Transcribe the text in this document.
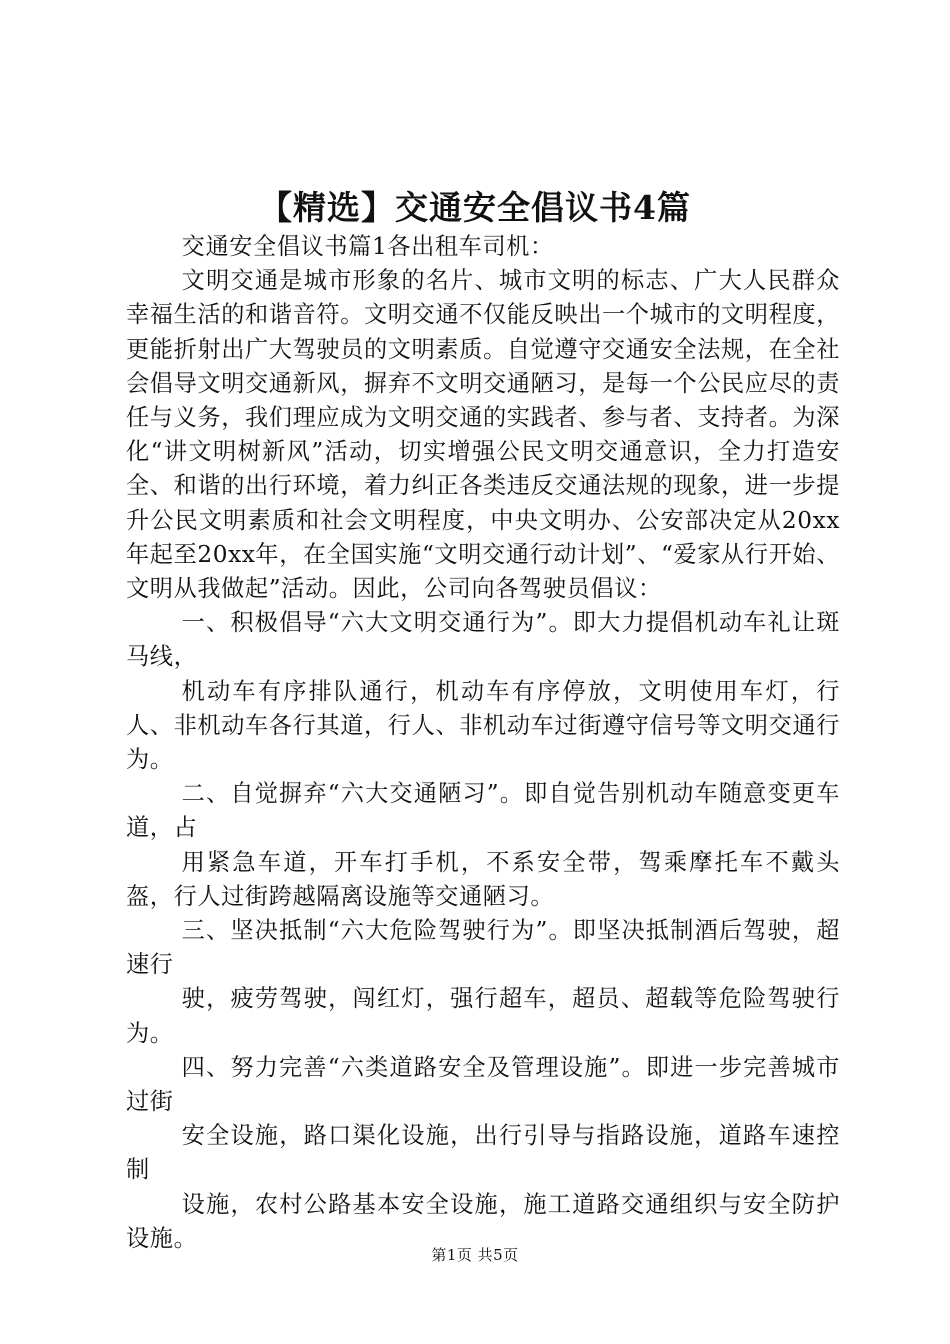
【精选】交通安全倡议书4篇

交通安全倡议书篇1各出租车司机：

文明交通是城市形象的名片、城市文明的标志、广大人民群众幸福生活的和谐音符。文明交通不仅能反映出一个城市的文明程度，更能折射出广大驾驶员的文明素质。自觉遵守交通安全法规，在全社会倡导文明交通新风，摒弃不文明交通陋习，是每一个公民应尽的责任与义务，我们理应成为文明交通的实践者、参与者、支持者。为深化“讲文明树新风”活动，切实增强公民文明交通意识，全力打造安全、和谐的出行环境，着力纠正各类违反交通法规的现象，进一步提升公民文明素质和社会文明程度，中央文明办、公安部决定从20xx年起至20xx年，在全国实施“文明交通行动计划”、“爱家从行开始、文明从我做起”活动。因此，公司向各驾驶员倡议：

一、积极倡导“六大文明交通行为”。即大力提倡机动车礼让斑马线，

机动车有序排队通行，机动车有序停放，文明使用车灯，行人、非机动车各行其道，行人、非机动车过街遵守信号等文明交通行为。

二、自觉摒弃“六大交通陋习”。即自觉告别机动车随意变更车道，占

用紧急车道，开车打手机，不系安全带，驾乘摩托车不戴头盔，行人过街跨越隔离设施等交通陋习。

三、坚决抵制“六大危险驾驶行为”。即坚决抵制酒后驾驶，超速行

驶，疲劳驾驶，闯红灯，强行超车，超员、超载等危险驾驶行为。

四、努力完善“六类道路安全及管理设施”。即进一步完善城市过街

安全设施，路口渠化设施，出行引导与指路设施，道路车速控制

设施，农村公路基本安全设施，施工道路交通组织与安全防护设施。

第1页 共5页
